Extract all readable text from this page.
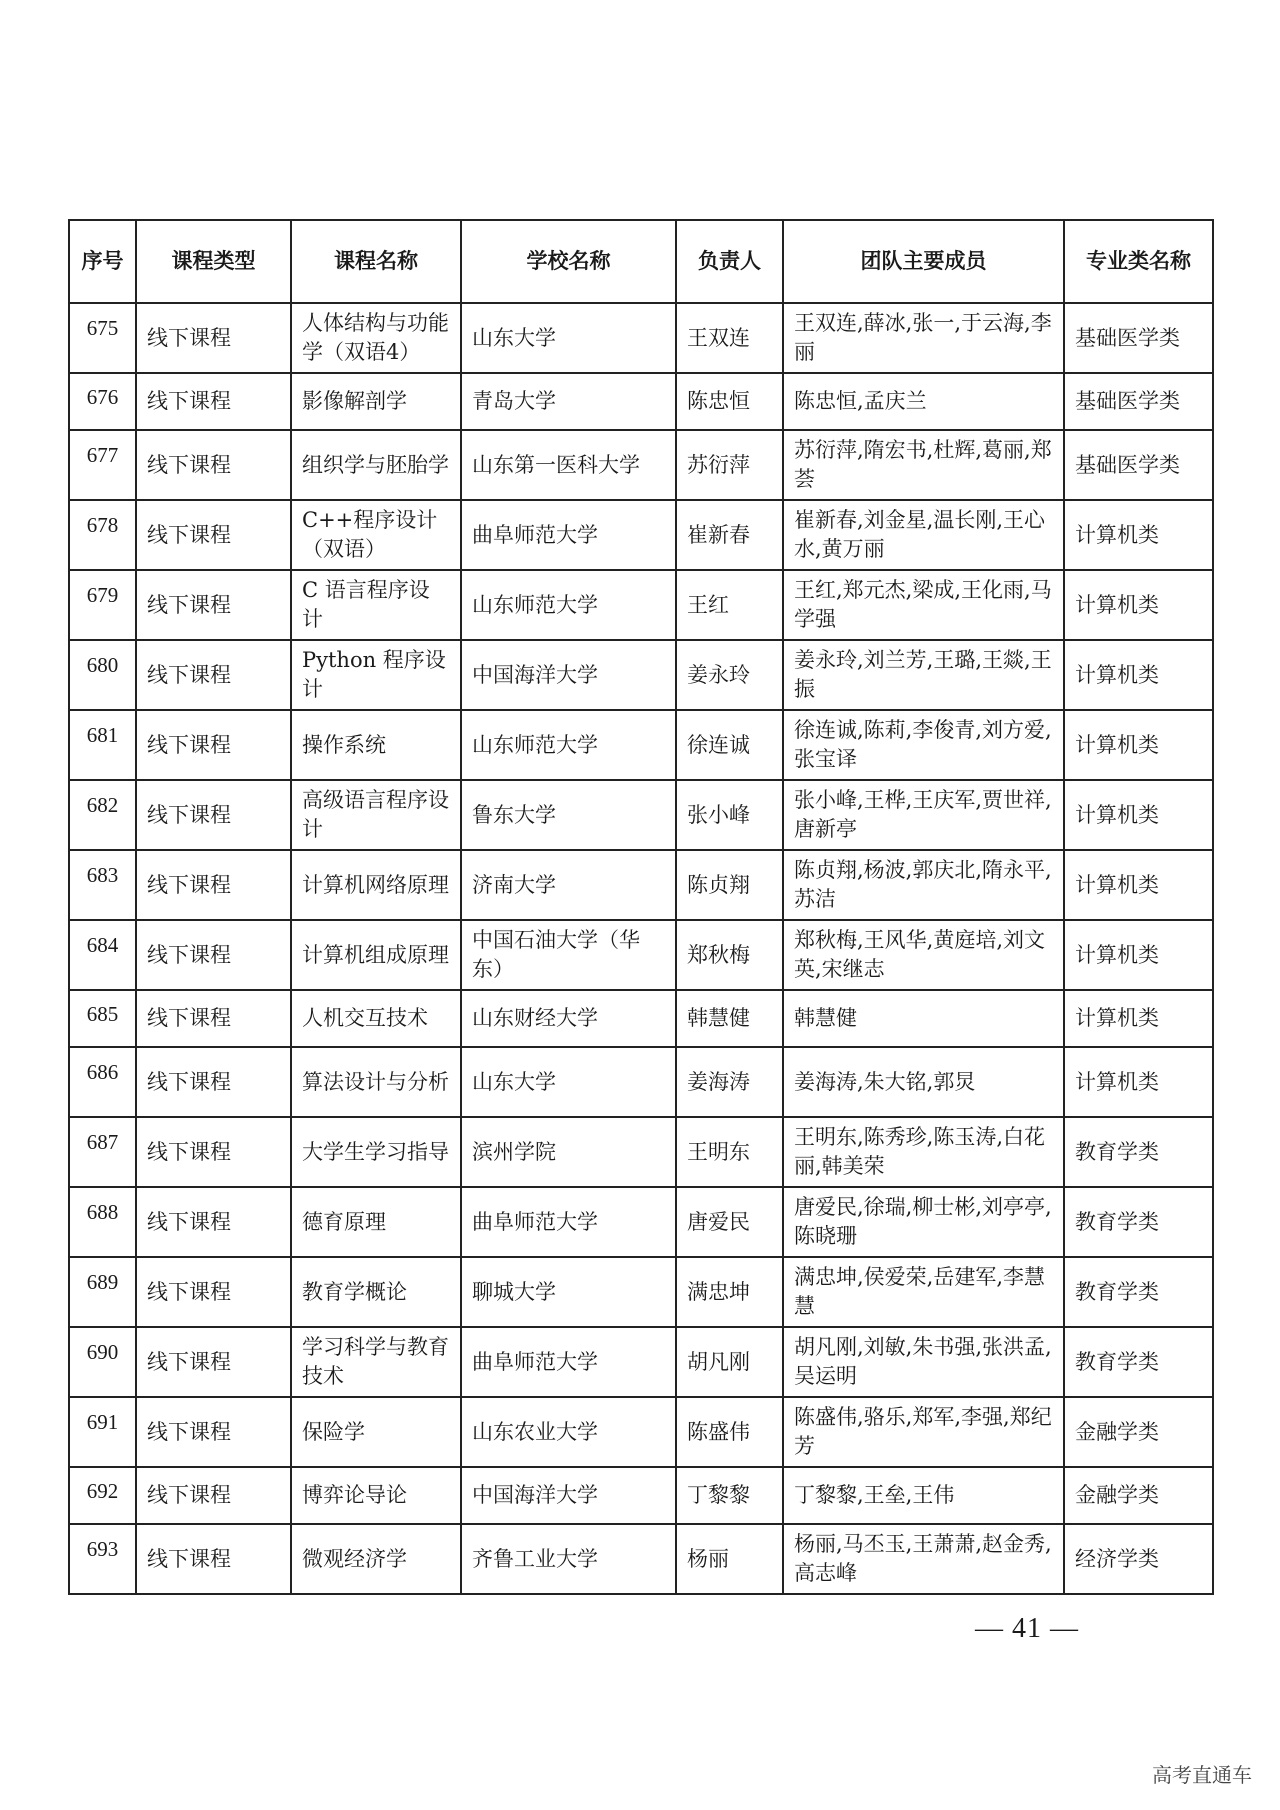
序号	课程类型	课程名称	学校名称	负责人	团队主要成员	专业类名称
675	线下课程	人体结构与功能学（双语4）	山东大学	王双连	王双连,薛冰,张一,于云海,李丽	基础医学类
676	线下课程	影像解剖学	青岛大学	陈忠恒	陈忠恒,孟庆兰	基础医学类
677	线下课程	组织学与胚胎学	山东第一医科大学	苏衍萍	苏衍萍,隋宏书,杜辉,葛丽,郑荟	基础医学类
678	线下课程	C++程序设计（双语）	曲阜师范大学	崔新春	崔新春,刘金星,温长刚,王心水,黄万丽	计算机类
679	线下课程	C 语言程序设计	山东师范大学	王红	王红,郑元杰,梁成,王化雨,马学强	计算机类
680	线下课程	Python 程序设计	中国海洋大学	姜永玲	姜永玲,刘兰芳,王璐,王燚,王振	计算机类
681	线下课程	操作系统	山东师范大学	徐连诚	徐连诚,陈莉,李俊青,刘方爱,张宝译	计算机类
682	线下课程	高级语言程序设计	鲁东大学	张小峰	张小峰,王桦,王庆军,贾世祥,唐新亭	计算机类
683	线下课程	计算机网络原理	济南大学	陈贞翔	陈贞翔,杨波,郭庆北,隋永平,苏洁	计算机类
684	线下课程	计算机组成原理	中国石油大学（华东）	郑秋梅	郑秋梅,王风华,黄庭培,刘文英,宋继志	计算机类
685	线下课程	人机交互技术	山东财经大学	韩慧健	韩慧健	计算机类
686	线下课程	算法设计与分析	山东大学	姜海涛	姜海涛,朱大铭,郭炅	计算机类
687	线下课程	大学生学习指导	滨州学院	王明东	王明东,陈秀珍,陈玉涛,白花丽,韩美荣	教育学类
688	线下课程	德育原理	曲阜师范大学	唐爱民	唐爱民,徐瑞,柳士彬,刘亭亭,陈晓珊	教育学类
689	线下课程	教育学概论	聊城大学	满忠坤	满忠坤,侯爱荣,岳建军,李慧慧	教育学类
690	线下课程	学习科学与教育技术	曲阜师范大学	胡凡刚	胡凡刚,刘敏,朱书强,张洪孟,吴运明	教育学类
691	线下课程	保险学	山东农业大学	陈盛伟	陈盛伟,骆乐,郑军,李强,郑纪芳	金融学类
692	线下课程	博弈论导论	中国海洋大学	丁黎黎	丁黎黎,王垒,王伟	金融学类
693	线下课程	微观经济学	齐鲁工业大学	杨丽	杨丽,马丕玉,王萧萧,赵金秀,高志峰	经济学类
— 41 —
高考直通车
